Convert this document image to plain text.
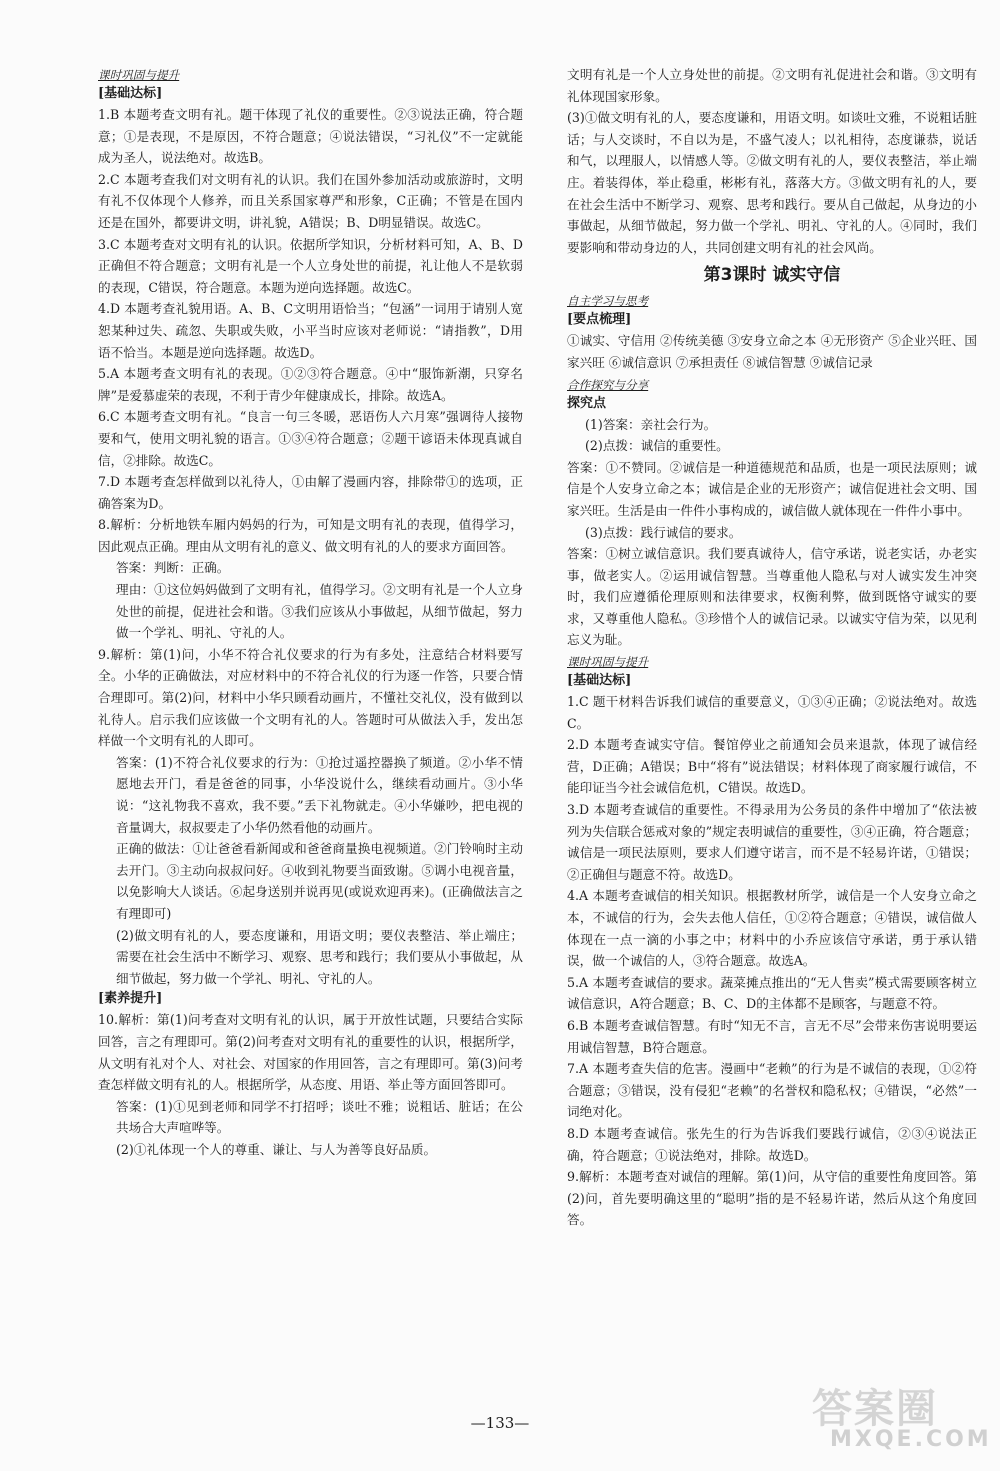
课时巩固与提升
[基础达标]
1.B 本题考查文明有礼。题干体现了礼仪的重要性。②③说法正确，符合题意；①是表现，不是原因，不符合题意；④说法错误，“习礼仪”不一定就能成为圣人，说法绝对。故选B。
2.C 本题考查我们对文明有礼的认识。我们在国外参加活动或旅游时，文明有礼不仅体现个人修养，而且关系国家尊严和形象，C正确；不管是在国内还是在国外，都要讲文明，讲礼貌，A错误；B、D明显错误。故选C。
3.C 本题考查对文明有礼的认识。依据所学知识，分析材料可知，A、B、D正确但不符合题意；文明有礼是一个人立身处世的前提，礼让他人不是软弱的表现，C错误，符合题意。本题为逆向选择题。故选C。
4.D 本题考查礼貌用语。A、B、C文明用语恰当；“包涵”一词用于请别人宽恕某种过失、疏忽、失职或失败，小平当时应该对老师说：“请指教”，D用语不恰当。本题是逆向选择题。故选D。
5.A 本题考查文明有礼的表现。①②③符合题意。④中“服饰新潮，只穿名牌”是爱慕虚荣的表现，不利于青少年健康成长，排除。故选A。
6.C 本题考查文明有礼。“良言一句三冬暖，恶语伤人六月寒”强调待人接物要和气，使用文明礼貌的语言。①③④符合题意；②题干谚语未体现真诚自信，②排除。故选C。
7.D 本题考查怎样做到以礼待人，①由解了漫画内容，排除带①的选项，正确答案为D。
8.解析：分析地铁车厢内妈妈的行为，可知是文明有礼的表现，值得学习，因此观点正确。理由从文明有礼的意义、做文明有礼的人的要求方面回答。
答案：判断：正确。
理由：①这位妈妈做到了文明有礼，值得学习。②文明有礼是一个人立身处世的前提，促进社会和谐。③我们应该从小事做起，从细节做起，努力做一个学礼、明礼、守礼的人。
9.解析：第(1)问，小华不符合礼仪要求的行为有多处，注意结合材料要写全。小华的正确做法，对应材料中的不符合礼仪的行为逐一作答，只要合情合理即可。第(2)问，材料中小华只顾看动画片，不懂社交礼仪，没有做到以礼待人。启示我们应该做一个文明有礼的人。答题时可从做法入手，发出怎样做一个文明有礼的人即可。
答案：(1)不符合礼仪要求的行为：①抢过遥控器换了频道。②小华不情愿地去开门，看是爸爸的同事，小华没说什么，继续看动画片。③小华说：“这礼物我不喜欢，我不要。”丢下礼物就走。④小华嫌吵，把电视的音量调大，叔叔要走了小华仍然看他的动画片。
正确的做法：①让爸爸看新闻或和爸爸商量换电视频道。②门铃响时主动去开门。③主动向叔叔问好。④收到礼物要当面致谢。⑤调小电视音量，以免影响大人谈话。⑥起身送别并说再见(或说欢迎再来)。(正确做法言之有理即可)
(2)做文明有礼的人，要态度谦和，用语文明；要仪表整洁、举止端庄；需要在社会生活中不断学习、观察、思考和践行；我们要从小事做起，从细节做起，努力做一个学礼、明礼、守礼的人。
[素养提升]
10.解析：第(1)问考查对文明有礼的认识，属于开放性试题，只要结合实际回答，言之有理即可。第(2)问考查对文明有礼的重要性的认识，根据所学，从文明有礼对个人、对社会、对国家的作用回答，言之有理即可。第(3)问考查怎样做文明有礼的人。根据所学，从态度、用语、举止等方面回答即可。
答案：(1)①见到老师和同学不打招呼；谈吐不雅；说粗话、脏话；在公共场合大声喧哗等。
(2)①礼体现一个人的尊重、谦让、与人为善等良好品质。
文明有礼是一个人立身处世的前提。②文明有礼促进社会和谐。③文明有礼体现国家形象。
(3)①做文明有礼的人，要态度谦和，用语文明。如谈吐文雅，不说粗话脏话；与人交谈时，不自以为是，不盛气凌人；以礼相待，态度谦恭，说话和气，以理服人，以情感人等。②做文明有礼的人，要仪表整洁，举止端庄。着装得体，举止稳重，彬彬有礼，落落大方。③做文明有礼的人，要在社会生活中不断学习、观察、思考和践行。要从自己做起，从身边的小事做起，从细节做起，努力做一个学礼、明礼、守礼的人。④同时，我们要影响和带动身边的人，共同创建文明有礼的社会风尚。
第3课时 诚实守信
自主学习与思考
[要点梳理]
①诚实、守信用 ②传统美德 ③安身立命之本 ④无形资产 ⑤企业兴旺、国家兴旺 ⑥诚信意识 ⑦承担责任 ⑧诚信智慧 ⑨诚信记录
合作探究与分享
探究点
(1)答案：亲社会行为。
(2)点拨：诚信的重要性。
答案：①不赞同。②诚信是一种道德规范和品质，也是一项民法原则；诚信是个人安身立命之本；诚信是企业的无形资产；诚信促进社会文明、国家兴旺。生活是由一件件小事构成的，诚信做人就体现在一件件小事中。
(3)点拨：践行诚信的要求。
答案：①树立诚信意识。我们要真诚待人，信守承诺，说老实话，办老实事，做老实人。②运用诚信智慧。当尊重他人隐私与对人诚实发生冲突时，我们应遵循伦理原则和法律要求，权衡利弊，做到既恪守诚实的要求，又尊重他人隐私。③珍惜个人的诚信记录。以诚实守信为荣，以见利忘义为耻。
课时巩固与提升
[基础达标]
1.C 题干材料告诉我们诚信的重要意义，①③④正确；②说法绝对。故选C。
2.D 本题考查诚实守信。餐馆停业之前通知会员来退款，体现了诚信经营，D正确；A错误；B中“将有”说法错误；材料体现了商家履行诚信，不能印证当今社会诚信危机，C错误。故选D。
3.D 本题考查诚信的重要性。不得录用为公务员的条件中增加了“依法被列为失信联合惩戒对象的”规定表明诚信的重要性，③④正确，符合题意；诚信是一项民法原则，要求人们遵守诺言，而不是不轻易许诺，①错误；②正确但与题意不符。故选D。
4.A 本题考查诚信的相关知识。根据教材所学，诚信是一个人安身立命之本，不诚信的行为，会失去他人信任，①②符合题意；④错误，诚信做人体现在一点一滴的小事之中；材料中的小乔应该信守承诺，勇于承认错误，做一个诚信的人，③符合题意。故选A。
5.A 本题考查诚信的要求。蔬菜摊点推出的“无人售卖”模式需要顾客树立诚信意识，A符合题意；B、C、D的主体都不是顾客，与题意不符。
6.B 本题考查诚信智慧。有时“知无不言，言无不尽”会带来伤害说明要运用诚信智慧，B符合题意。
7.A 本题考查失信的危害。漫画中“老赖”的行为是不诚信的表现，①②符合题意；③错误，没有侵犯“老赖”的名誉权和隐私权；④错误，“必然”一词绝对化。
8.D 本题考查诚信。张先生的行为告诉我们要践行诚信，②③④说法正确，符合题意；①说法绝对，排除。故选D。
9.解析：本题考查对诚信的理解。第(1)问，从守信的重要性角度回答。第(2)问，首先要明确这里的“聪明”指的是不轻易许诺，然后从这个角度回答。
—133—	答案圈
MXQE.COM
